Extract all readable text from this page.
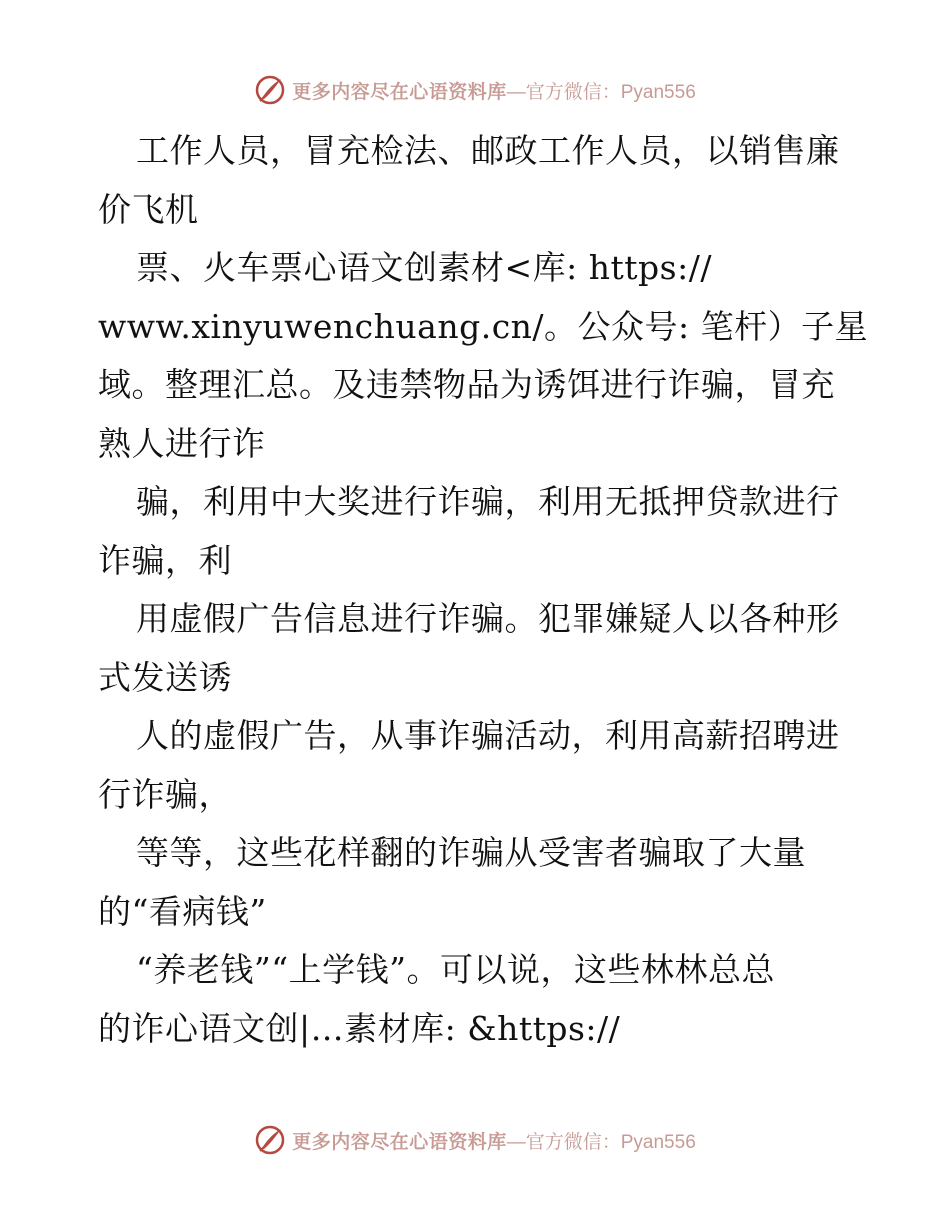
更多内容尽在心语资料库 —官方微信：Pyan556
工作人员，冒充检法、邮政工作人员，以销售廉
价飞机
票、火车票心语文创素材<库: https://
www.xinyuwenchuang.cn/。公众号: 笔杆）子星
域。整理汇总。及违禁物品为诱饵进行诈骗，冒充
熟人进行诈
骗，利用中大奖进行诈骗，利用无抵押贷款进行
诈骗，利
用虚假广告信息进行诈骗。犯罪嫌疑人以各种形
式发送诱
人的虚假广告，从事诈骗活动，利用高薪招聘进
行诈骗，
等等，这些花样翻的诈骗从受害者骗取了大量
的“看病钱”
“养老钱”“上学钱”。可以说，这些林林总总
的诈心语文创|…素材库: &https://
更多内容尽在心语资料库 —官方微信：Pyan556
